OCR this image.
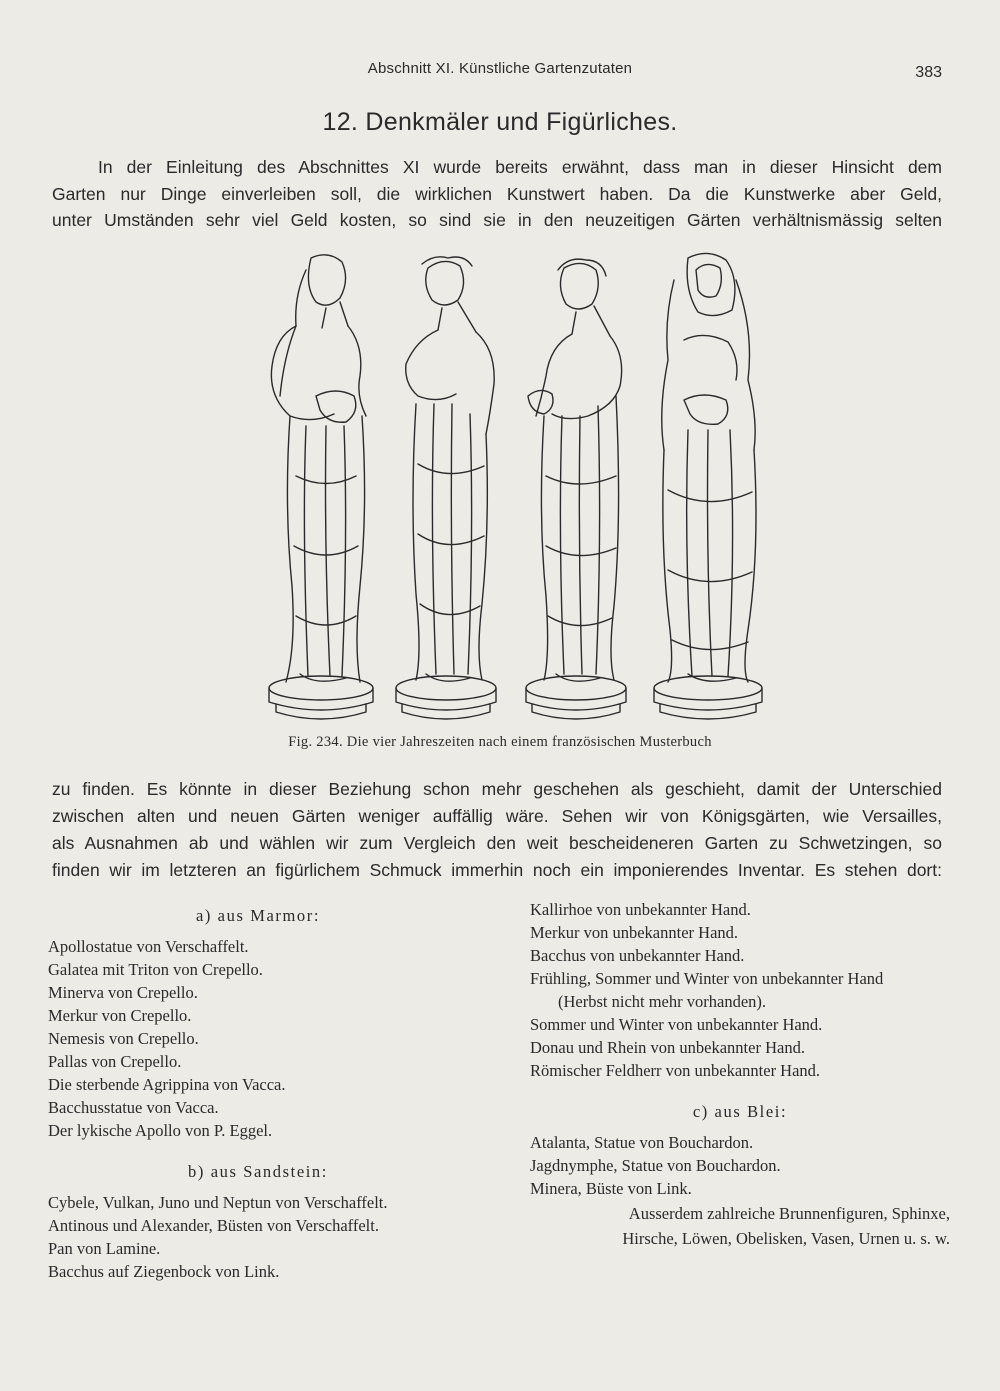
Abschnitt XI. Künstliche Gartenzutaten	383
12. Denkmäler und Figürliches.
In der Einleitung des Abschnittes XI wurde bereits erwähnt, dass man in dieser Hinsicht dem
Garten nur Dinge einverleiben soll, die wirklichen Kunstwert haben. Da die Kunstwerke aber Geld,
unter Umständen sehr viel Geld kosten, so sind sie in den neuzeitigen Gärten verhältnismässig selten
Fig. 234. Die vier Jahreszeiten nach einem französischen Musterbuch
zu finden. Es könnte in dieser Beziehung schon mehr geschehen als geschieht, damit der Unterschied
zwischen alten und neuen Gärten weniger auffällig wäre. Sehen wir von Königsgärten, wie Versailles,
als Ausnahmen ab und wählen wir zum Vergleich den weit bescheideneren Garten zu Schwetzingen, so
finden wir im letzteren an figürlichem Schmuck immerhin noch ein imponierendes Inventar. Es stehen dort:
a) aus Marmor:
Apollostatue von Verschaffelt.
Galatea mit Triton von Crepello.
Minerva von Crepello.
Merkur von Crepello.
Nemesis von Crepello.
Pallas von Crepello.
Die sterbende Agrippina von Vacca.
Bacchusstatue von Vacca.
Der lykische Apollo von P. Eggel.
b) aus Sandstein:
Cybele, Vulkan, Juno und Neptun von Verschaffelt.
Antinous und Alexander, Büsten von Verschaffelt.
Pan von Lamine.
Bacchus auf Ziegenbock von Link.
Kallirhoe von unbekannter Hand.
Merkur von unbekannter Hand.
Bacchus von unbekannter Hand.
Frühling, Sommer und Winter von unbekannter Hand
(Herbst nicht mehr vorhanden).
Sommer und Winter von unbekannter Hand.
Donau und Rhein von unbekannter Hand.
Römischer Feldherr von unbekannter Hand.
c) aus Blei:
Atalanta, Statue von Bouchardon.
Jagdnymphe, Statue von Bouchardon.
Minera, Büste von Link.
Ausserdem zahlreiche Brunnenfiguren, Sphinxe,
Hirsche, Löwen, Obelisken, Vasen, Urnen u. s. w.
